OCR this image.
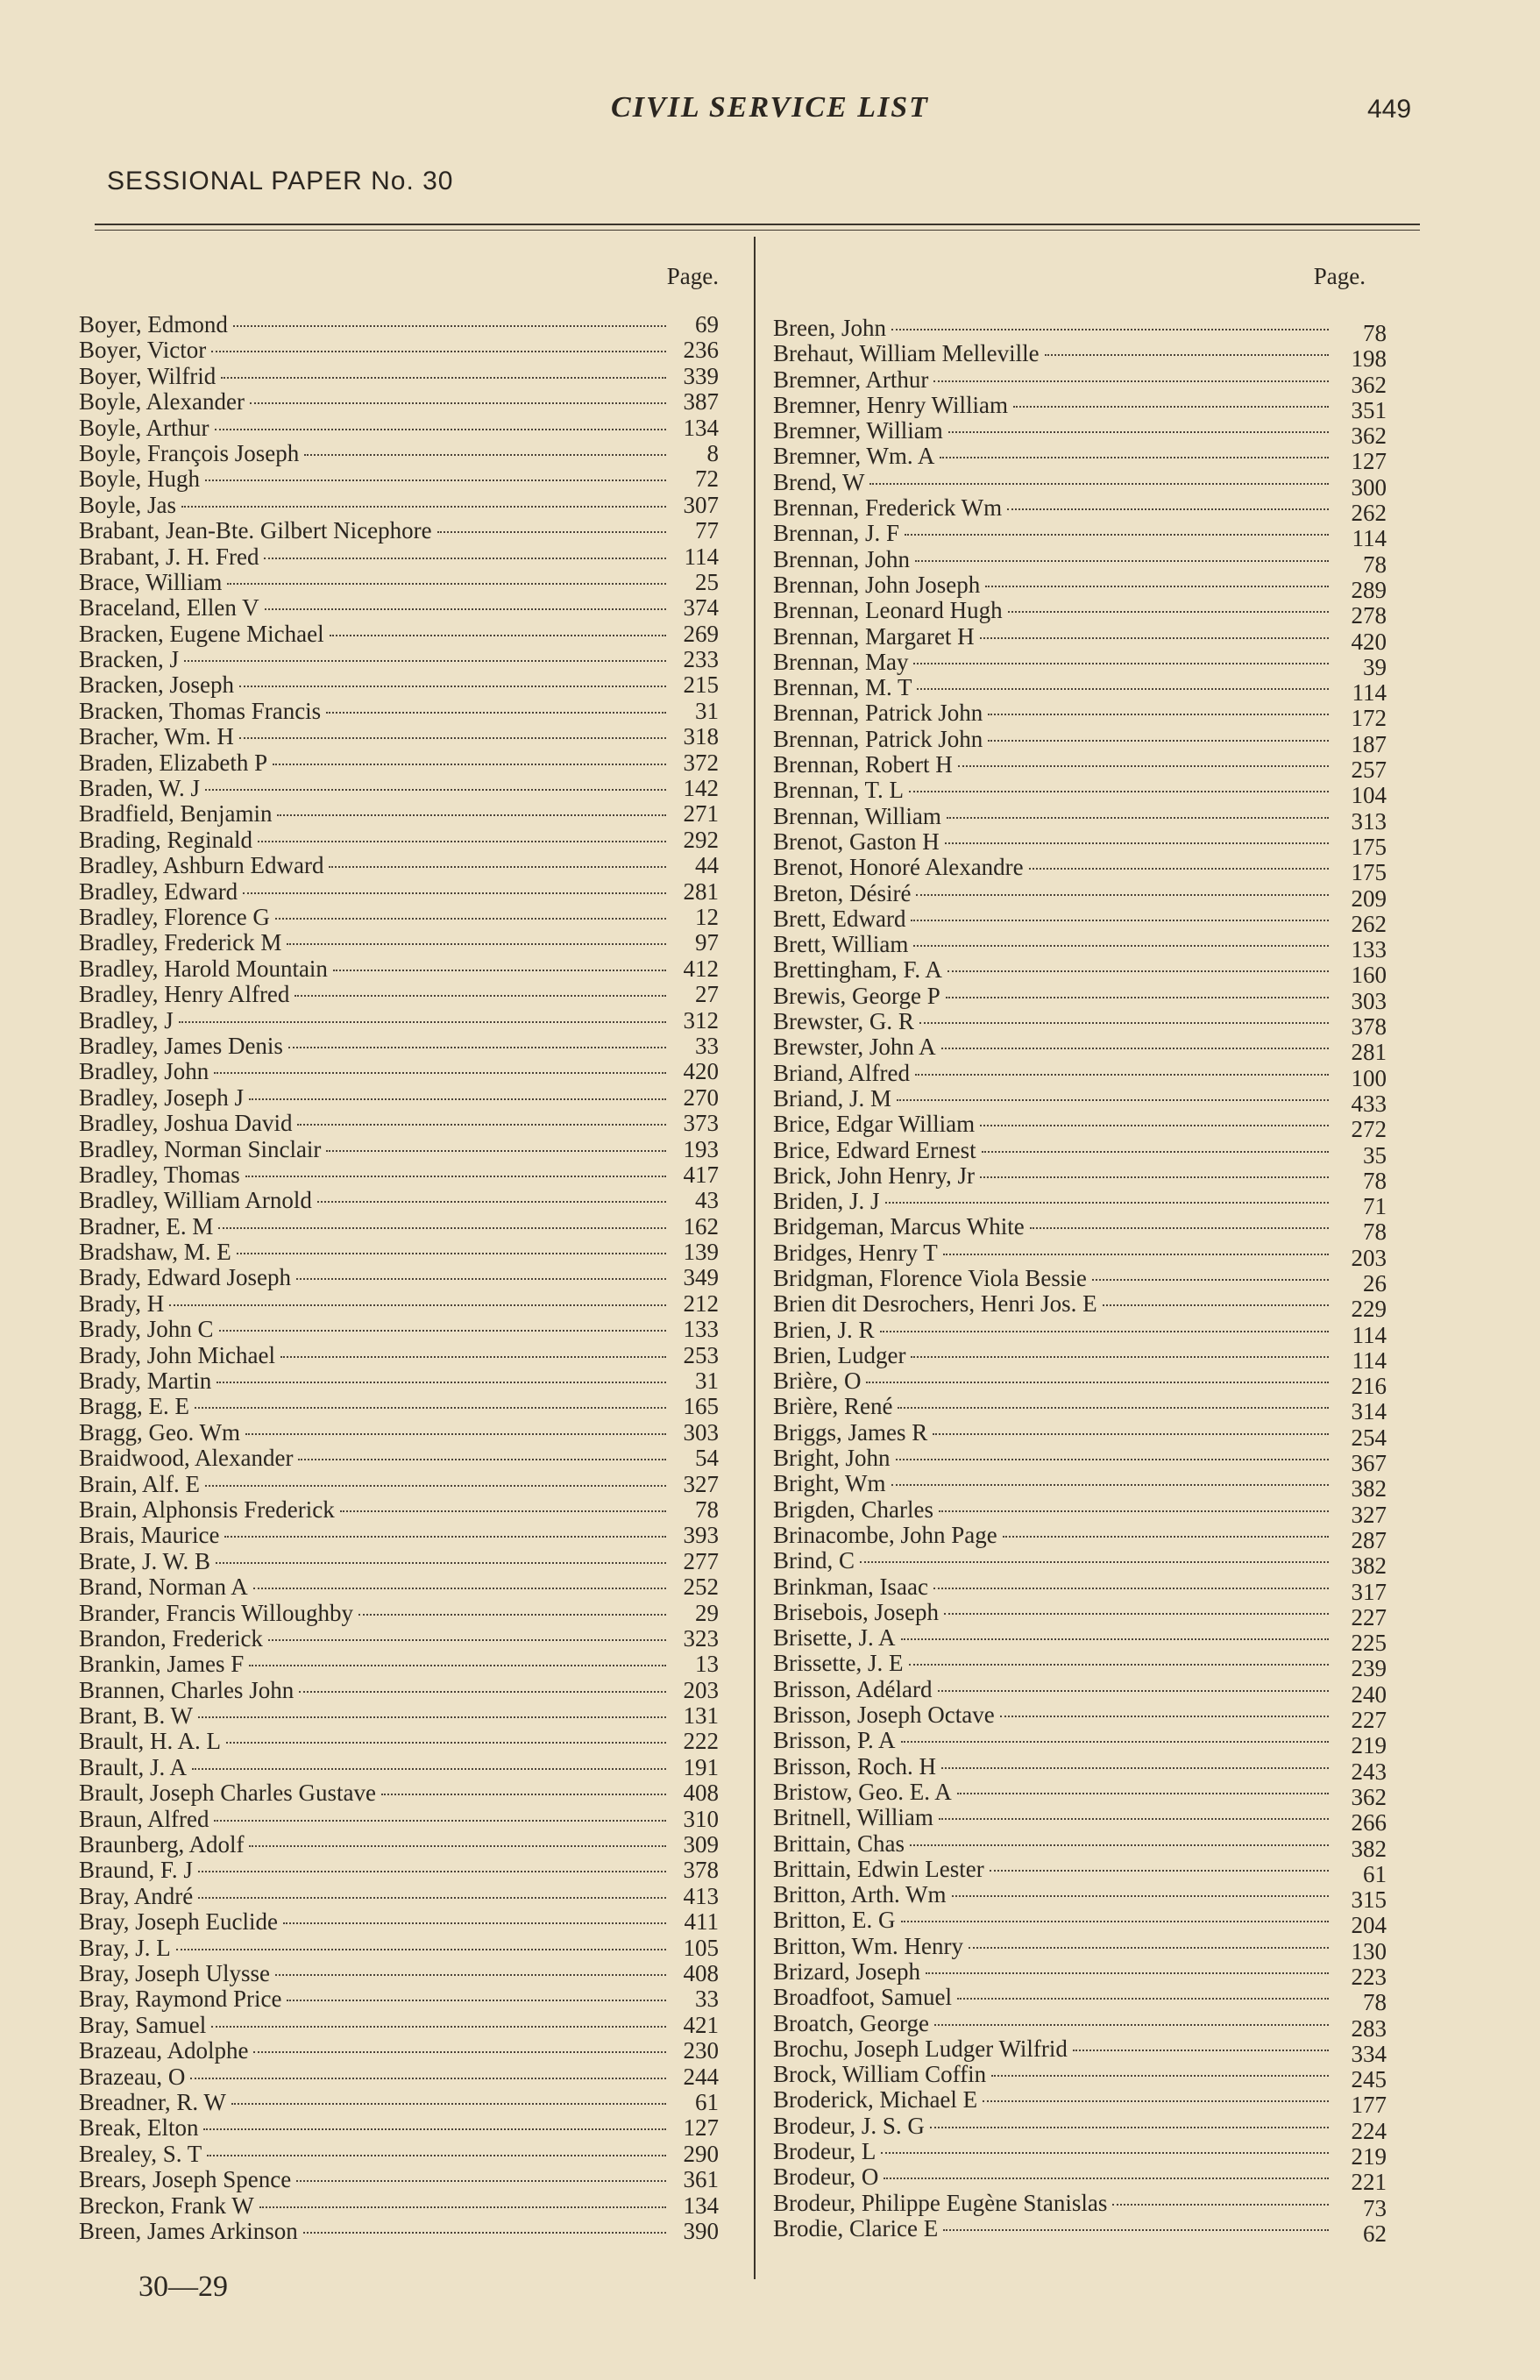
CIVIL SERVICE LIST	449
SESSIONAL PAPER No. 30
Page.
Boyer, Edmond	69
Boyer, Victor	236
Boyer, Wilfrid	339
Boyle, Alexander	387
Boyle, Arthur	134
Boyle, François Joseph	8
Boyle, Hugh	72
Boyle, Jas	307
Brabant, Jean-Bte. Gilbert Nicephore	77
Brabant, J. H. Fred	114
Brace, William	25
Braceland, Ellen V	374
Bracken, Eugene Michael	269
Bracken, J	233
Bracken, Joseph	215
Bracken, Thomas Francis	31
Bracher, Wm. H	318
Braden, Elizabeth P	372
Braden, W. J	142
Bradfield, Benjamin	271
Brading, Reginald	292
Bradley, Ashburn Edward	44
Bradley, Edward	281
Bradley, Florence G	12
Bradley, Frederick M	97
Bradley, Harold Mountain	412
Bradley, Henry Alfred	27
Bradley, J	312
Bradley, James Denis	33
Bradley, John	420
Bradley, Joseph J	270
Bradley, Joshua David	373
Bradley, Norman Sinclair	193
Bradley, Thomas	417
Bradley, William Arnold	43
Bradner, E. M	162
Bradshaw, M. E	139
Brady, Edward Joseph	349
Brady, H	212
Brady, John C	133
Brady, John Michael	253
Brady, Martin	31
Bragg, E. E	165
Bragg, Geo. Wm	303
Braidwood, Alexander	54
Brain, Alf. E	327
Brain, Alphonsis Frederick	78
Brais, Maurice	393
Brate, J. W. B	277
Brand, Norman A	252
Brander, Francis Willoughby	29
Brandon, Frederick	323
Brankin, James F	13
Brannen, Charles John	203
Brant, B. W	131
Brault, H. A. L	222
Brault, J. A	191
Brault, Joseph Charles Gustave	408
Braun, Alfred	310
Braunberg, Adolf	309
Braund, F. J	378
Bray, André	413
Bray, Joseph Euclide	411
Bray, J. L	105
Bray, Joseph Ulysse	408
Bray, Raymond Price	33
Bray, Samuel	421
Brazeau, Adolphe	230
Brazeau, O	244
Breadner, R. W	61
Break, Elton	127
Brealey, S. T	290
Brears, Joseph Spence	361
Breckon, Frank W	134
Breen, James Arkinson	390
Page.
Breen, John	78
Brehaut, William Melleville	198
Bremner, Arthur	362
Bremner, Henry William	351
Bremner, William	362
Bremner, Wm. A	127
Brend, W	300
Brennan, Frederick Wm	262
Brennan, J. F	114
Brennan, John	78
Brennan, John Joseph	289
Brennan, Leonard Hugh	278
Brennan, Margaret H	420
Brennan, May	39
Brennan, M. T	114
Brennan, Patrick John	172
Brennan, Patrick John	187
Brennan, Robert H	257
Brennan, T. L	104
Brennan, William	313
Brenot, Gaston H	175
Brenot, Honoré Alexandre	175
Breton, Désiré	209
Brett, Edward	262
Brett, William	133
Brettingham, F. A	160
Brewis, George P	303
Brewster, G. R	378
Brewster, John A	281
Briand, Alfred	100
Briand, J. M	433
Brice, Edgar William	272
Brice, Edward Ernest	35
Brick, John Henry, Jr	78
Briden, J. J	71
Bridgeman, Marcus White	78
Bridges, Henry T	203
Bridgman, Florence Viola Bessie	26
Brien dit Desrochers, Henri Jos. E	229
Brien, J. R	114
Brien, Ludger	114
Brière, O	216
Brière, René	314
Briggs, James R	254
Bright, John	367
Bright, Wm	382
Brigden, Charles	327
Brinacombe, John Page	287
Brind, C	382
Brinkman, Isaac	317
Brisebois, Joseph	227
Brisette, J. A	225
Brissette, J. E	239
Brisson, Adélard	240
Brisson, Joseph Octave	227
Brisson, P. A	219
Brisson, Roch. H	243
Bristow, Geo. E. A	362
Britnell, William	266
Brittain, Chas	382
Brittain, Edwin Lester	61
Britton, Arth. Wm	315
Britton, E. G	204
Britton, Wm. Henry	130
Brizard, Joseph	223
Broadfoot, Samuel	78
Broatch, George	283
Brochu, Joseph Ludger Wilfrid	334
Brock, William Coffin	245
Broderick, Michael E	177
Brodeur, J. S. G	224
Brodeur, L	219
Brodeur, O	221
Brodeur, Philippe Eugène Stanislas	73
Brodie, Clarice E	62
30—29
